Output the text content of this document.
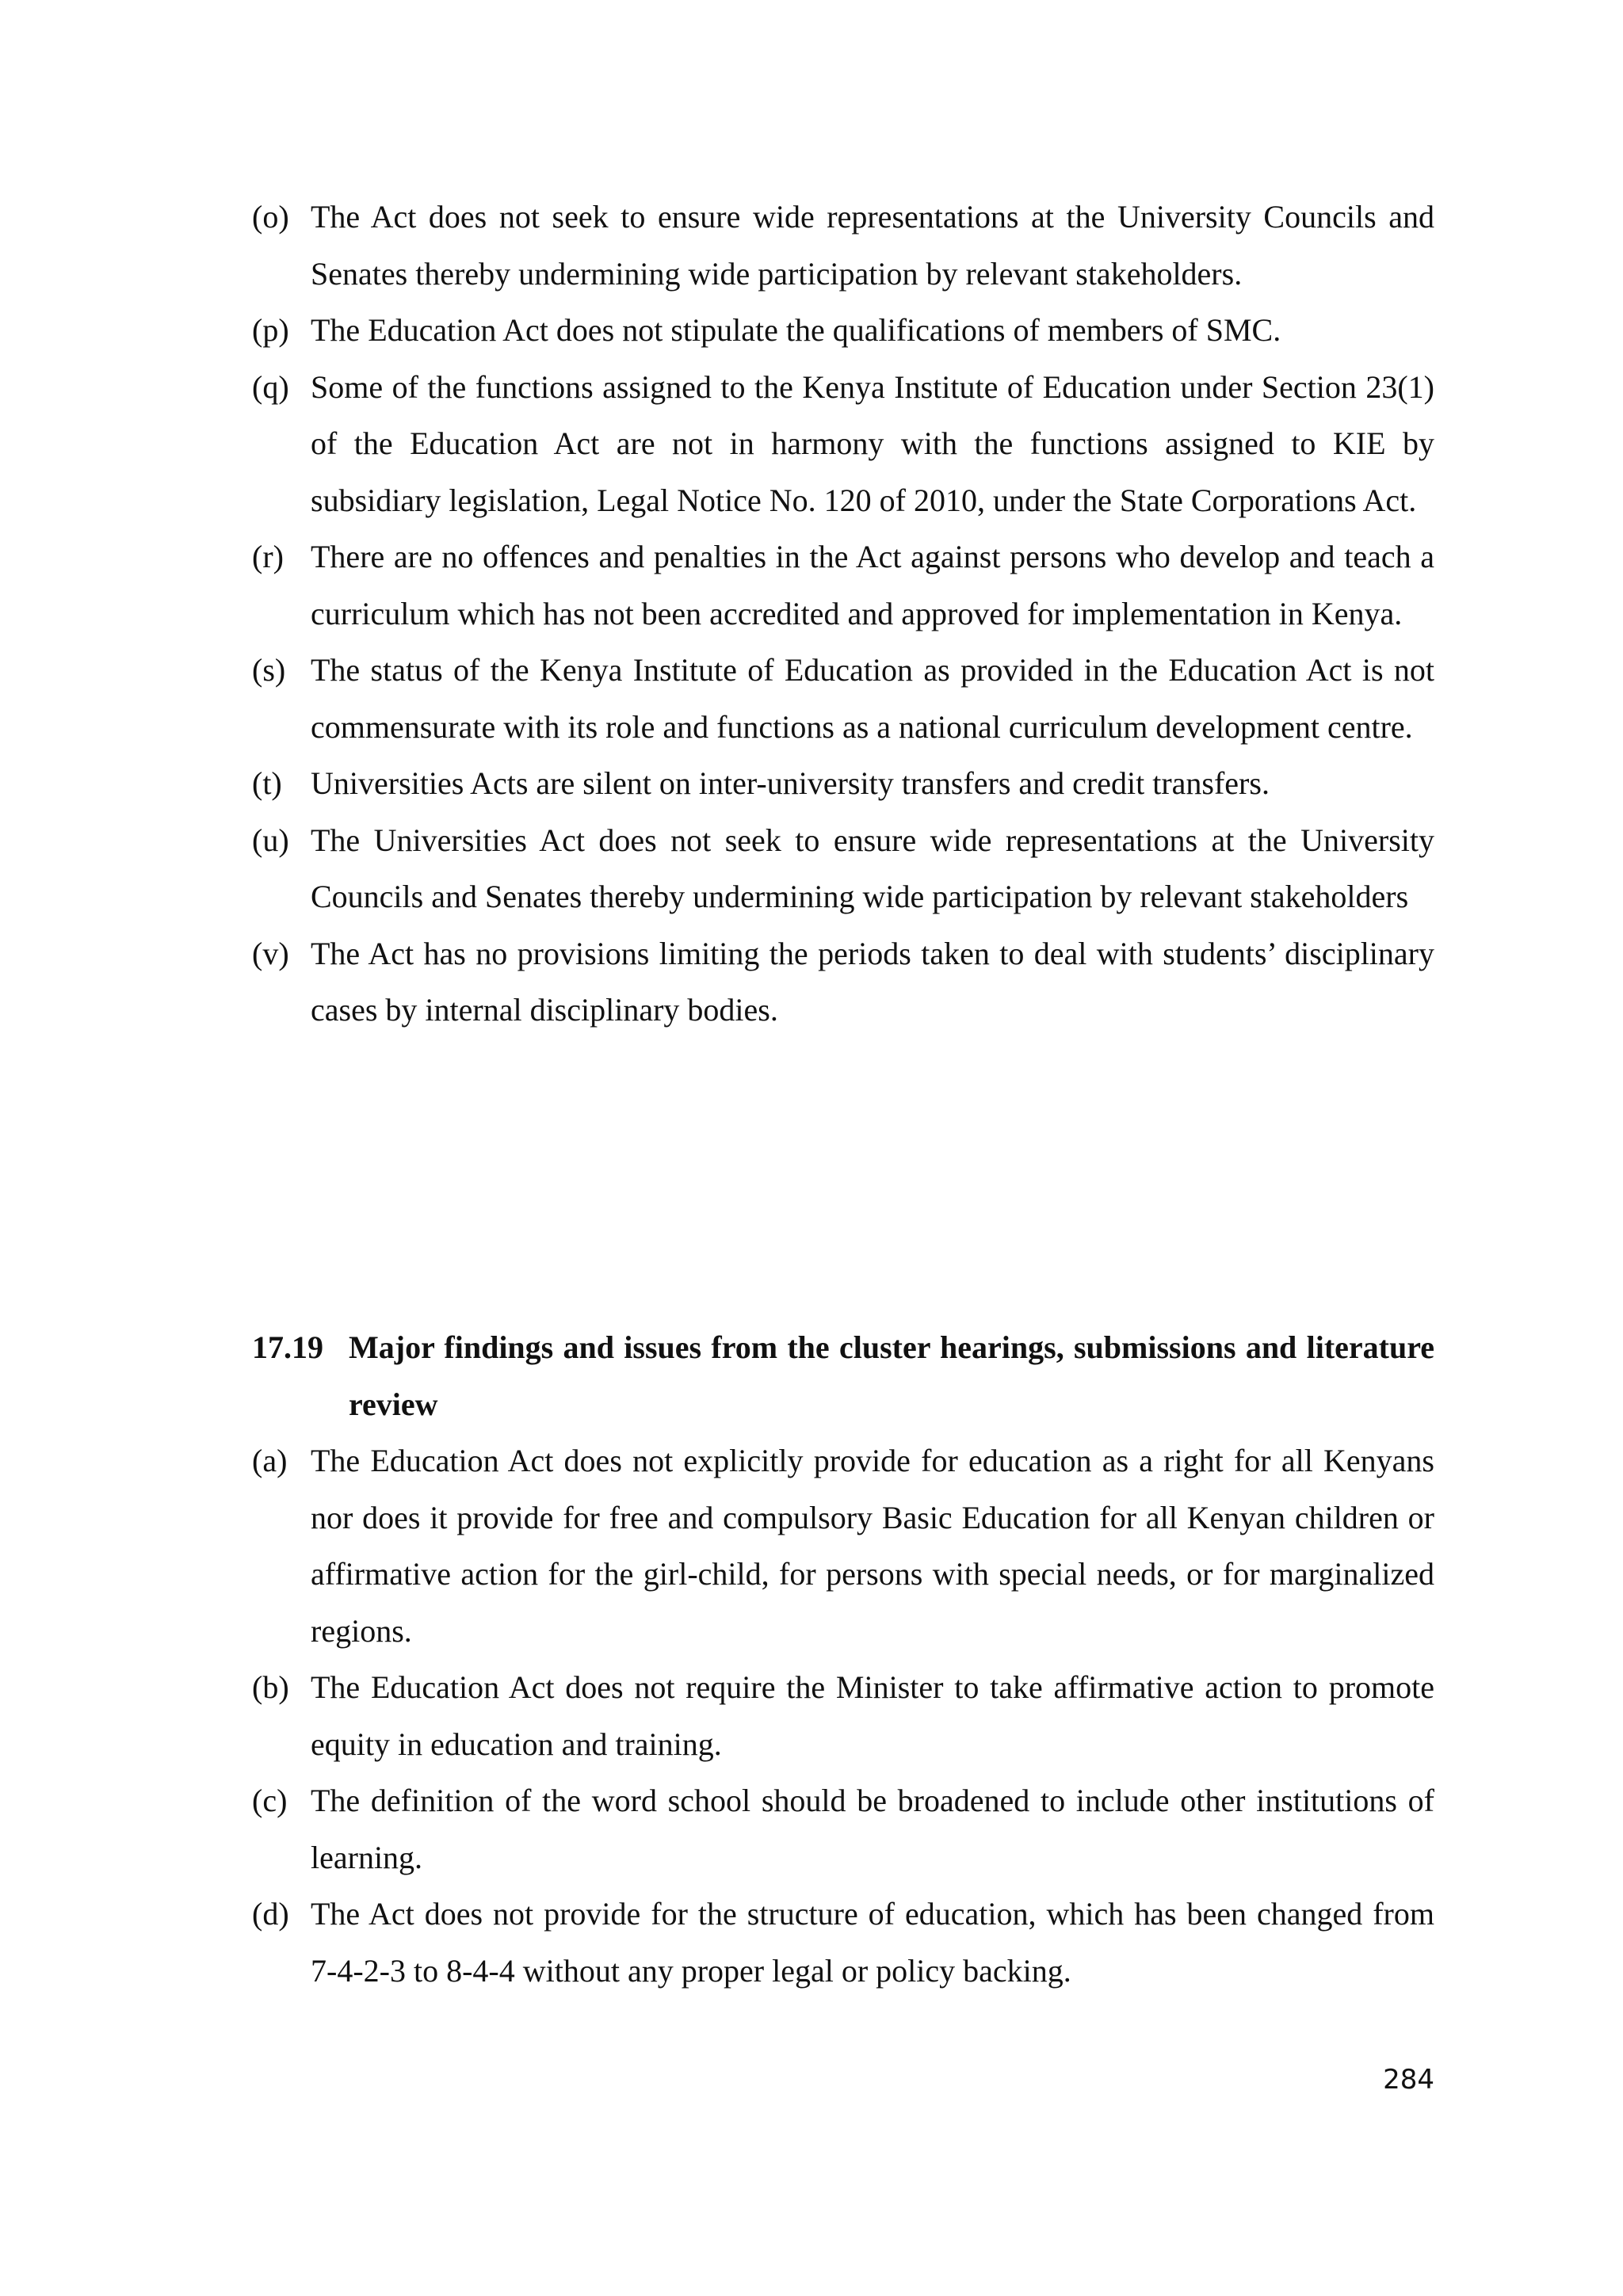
(o) The Act does not seek to ensure wide representations at the University Councils and Senates thereby undermining wide participation by relevant stakeholders.
(p) The Education Act does not stipulate the qualifications of members of SMC.
(q) Some of the functions assigned to the Kenya Institute of Education under Section 23(1) of the Education Act are not in harmony with the functions assigned to KIE by subsidiary legislation, Legal Notice No. 120 of 2010, under the State Corporations Act.
(r) There are no offences and penalties in the Act against persons who develop and teach a curriculum which has not been accredited and approved for implementation in Kenya.
(s) The status of the Kenya Institute of Education as provided in the Education Act is not commensurate with its role and functions as a national curriculum development centre.
(t) Universities Acts are silent on inter-university transfers and credit transfers.
(u) The Universities Act does not seek to ensure wide representations at the University Councils and Senates thereby undermining wide participation by relevant stakeholders
(v) The Act has no provisions limiting the periods taken to deal with students’ disciplinary cases by internal disciplinary bodies.
17.19 Major findings and issues from the cluster hearings, submissions and literature review
(a) The Education Act does not explicitly provide for education as a right for all Kenyans nor does it provide for free and compulsory Basic Education for all Kenyan children or affirmative action for the girl-child, for persons with special needs, or for marginalized regions.
(b) The Education Act does not require the Minister to take affirmative action to promote equity in education and training.
(c) The definition of the word school should be broadened to include other institutions of learning.
(d) The Act does not provide for the structure of education, which has been changed from 7-4-2-3 to 8-4-4 without any proper legal or policy backing.
284
